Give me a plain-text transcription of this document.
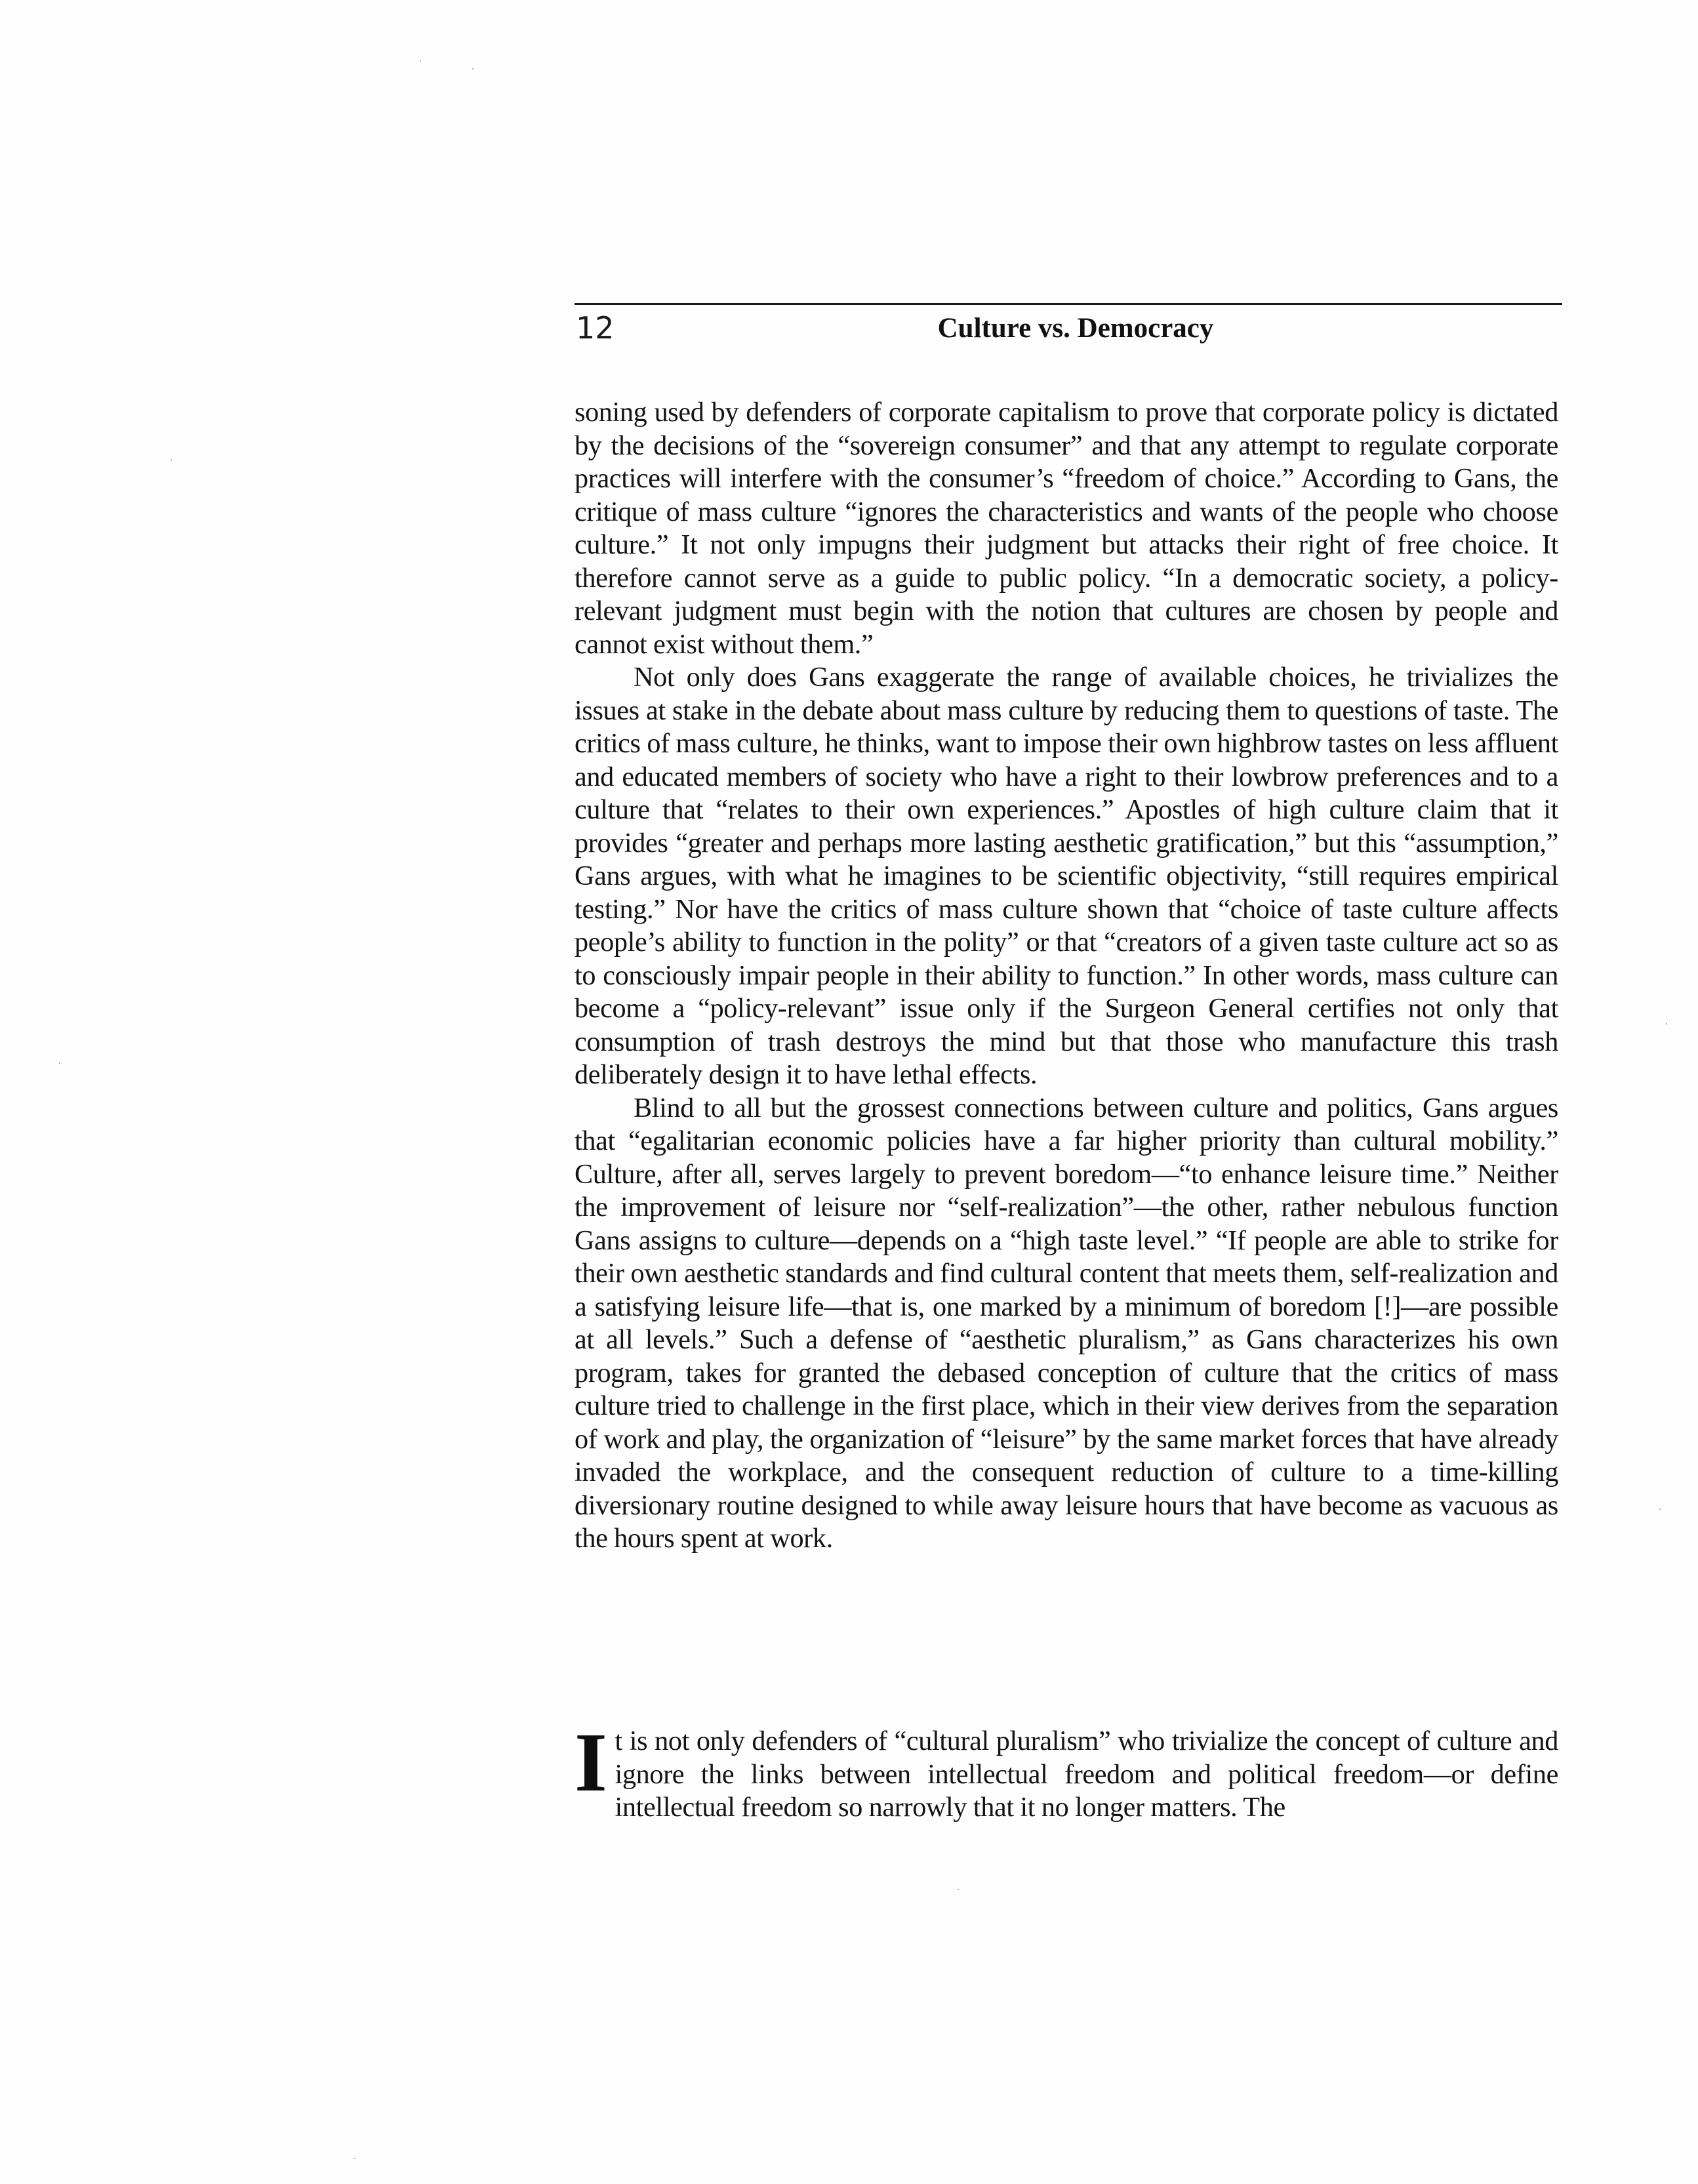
12	Culture vs. Democracy

soning used by defenders of corporate capitalism to prove that corporate policy is dictated by the decisions of the “sovereign consumer” and that any attempt to regulate corporate practices will interfere with the consumer’s “freedom of choice.” According to Gans, the critique of mass culture “ignores the characteristics and wants of the people who choose culture.” It not only impugns their judgment but attacks their right of free choice. It therefore cannot serve as a guide to public policy. “In a democratic society, a policy-relevant judgment must begin with the notion that cultures are chosen by people and cannot exist without them.”

Not only does Gans exaggerate the range of available choices, he trivializes the issues at stake in the debate about mass culture by reducing them to questions of taste. The critics of mass culture, he thinks, want to impose their own highbrow tastes on less affluent and educated members of society who have a right to their lowbrow preferences and to a culture that “relates to their own experiences.” Apostles of high culture claim that it provides “greater and perhaps more lasting aesthetic gratification,” but this “assumption,” Gans argues, with what he imagines to be scientific objectivity, “still requires empirical testing.” Nor have the critics of mass culture shown that “choice of taste culture affects people’s ability to function in the polity” or that “creators of a given taste culture act so as to consciously impair people in their ability to function.” In other words, mass culture can become a “policy-relevant” issue only if the Surgeon General certifies not only that consumption of trash destroys the mind but that those who manufacture this trash deliberately design it to have lethal effects.

Blind to all but the grossest connections between culture and politics, Gans argues that “egalitarian economic policies have a far higher priority than cultural mobility.” Culture, after all, serves largely to prevent boredom—“to enhance leisure time.” Neither the improvement of leisure nor “self-realization”—the other, rather nebulous function Gans assigns to culture—depends on a “high taste level.” “If people are able to strike for their own aesthetic standards and find cultural content that meets them, self-realization and a satisfying leisure life—that is, one marked by a minimum of boredom [!]—are possible at all levels.” Such a defense of “aesthetic pluralism,” as Gans characterizes his own program, takes for granted the debased conception of culture that the critics of mass culture tried to challenge in the first place, which in their view derives from the separation of work and play, the organization of “leisure” by the same market forces that have already invaded the workplace, and the consequent reduction of culture to a time-killing diversionary routine designed to while away leisure hours that have become as vacuous as the hours spent at work.

I t is not only defenders of “cultural pluralism” who trivialize the concept of culture and ignore the links between intellectual freedom and political freedom—or define intellectual freedom so narrowly that it no longer matters. The
